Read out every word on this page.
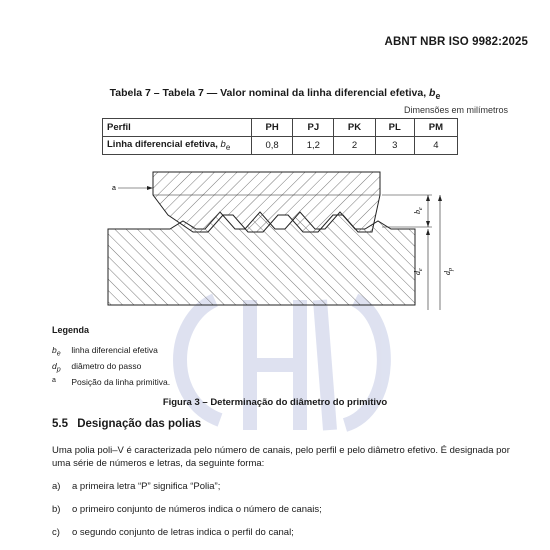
ABNT NBR ISO 9982:2025
Tabela 7 – Tabela 7 — Valor nominal da linha diferencial efetiva, $b_e$
Dimensões em milímetros
Perfil	PH	PJ	PK	PL	PM
Linha diferencial efetiva, $b_e$	0,8	1,2	2	3	4
a
$b_e$
$d_e$
$d_p$
Legenda
$b_e$ linha diferencial efetiva
$d_p$ diâmetro do passo
a Posição da linha primitiva.
Figura 3 – Determinação do diâmetro do primitivo
5.5 Designação das polias
Uma polia poli–V é caracterizada pelo número de canais, pelo perfil e pelo diâmetro efetivo. É designada por uma série de números e letras, da seguinte forma:
a) a primeira letra “P” significa “Polia”;
b) o primeiro conjunto de números indica o número de canais;
c) o segundo conjunto de letras indica o perfil do canal;
